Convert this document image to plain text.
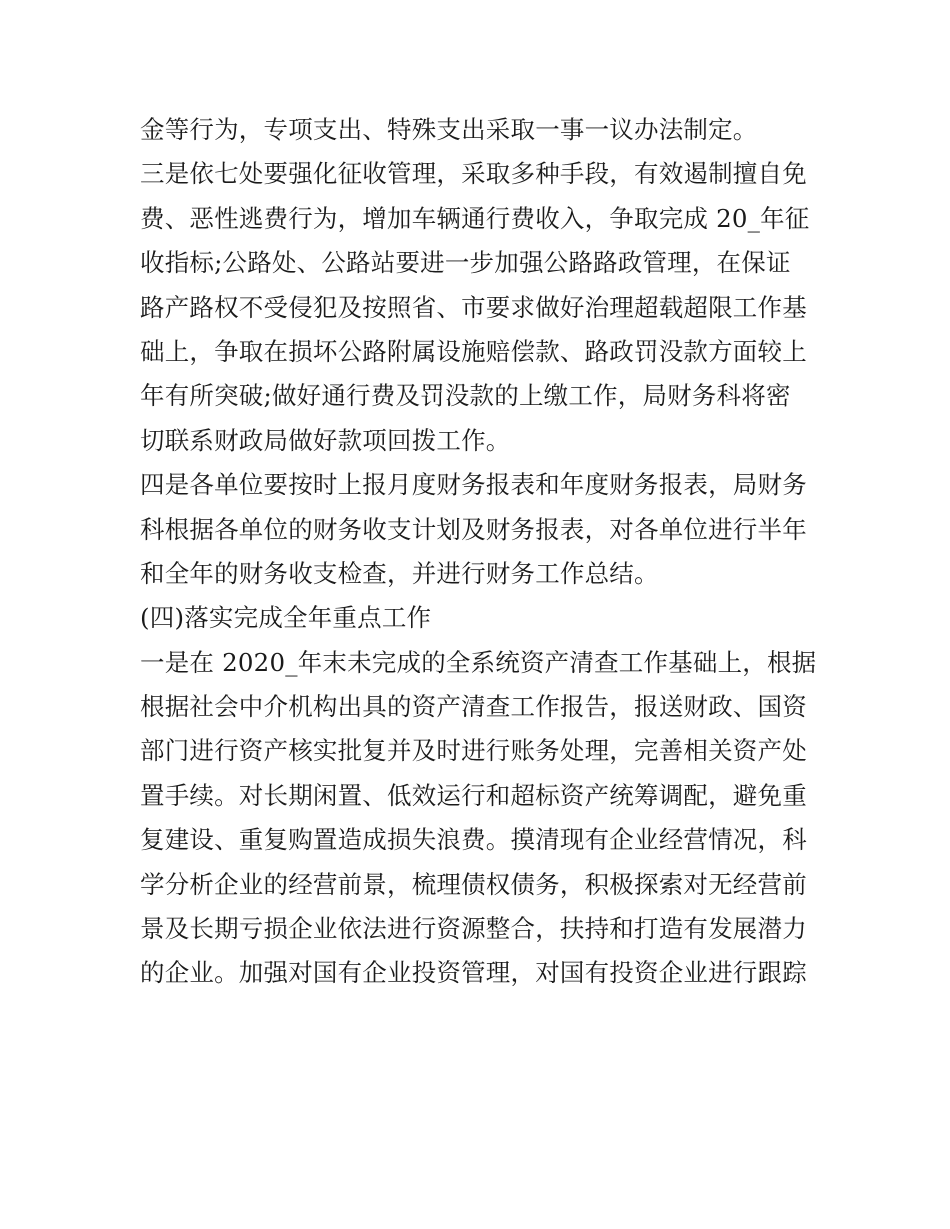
金等行为，专项支出、特殊支出采取一事一议办法制定。
三是依七处要强化征收管理，采取多种手段，有效遏制擅自免
费、恶性逃费行为，增加车辆通行费收入，争取完成 20_年征
收指标;公路处、公路站要进一步加强公路路政管理，在保证
路产路权不受侵犯及按照省、市要求做好治理超载超限工作基
础上，争取在损坏公路附属设施赔偿款、路政罚没款方面较上
年有所突破;做好通行费及罚没款的上缴工作，局财务科将密
切联系财政局做好款项回拨工作。
四是各单位要按时上报月度财务报表和年度财务报表，局财务
科根据各单位的财务收支计划及财务报表，对各单位进行半年
和全年的财务收支检查，并进行财务工作总结。
(四)落实完成全年重点工作
一是在 2020_年末未完成的全系统资产清查工作基础上，根据
根据社会中介机构出具的资产清查工作报告，报送财政、国资
部门进行资产核实批复并及时进行账务处理，完善相关资产处
置手续。对长期闲置、低效运行和超标资产统筹调配，避免重
复建设、重复购置造成损失浪费。摸清现有企业经营情况，科
学分析企业的经营前景，梳理债权债务，积极探索对无经营前
景及长期亏损企业依法进行资源整合，扶持和打造有发展潜力
的企业。加强对国有企业投资管理，对国有投资企业进行跟踪
